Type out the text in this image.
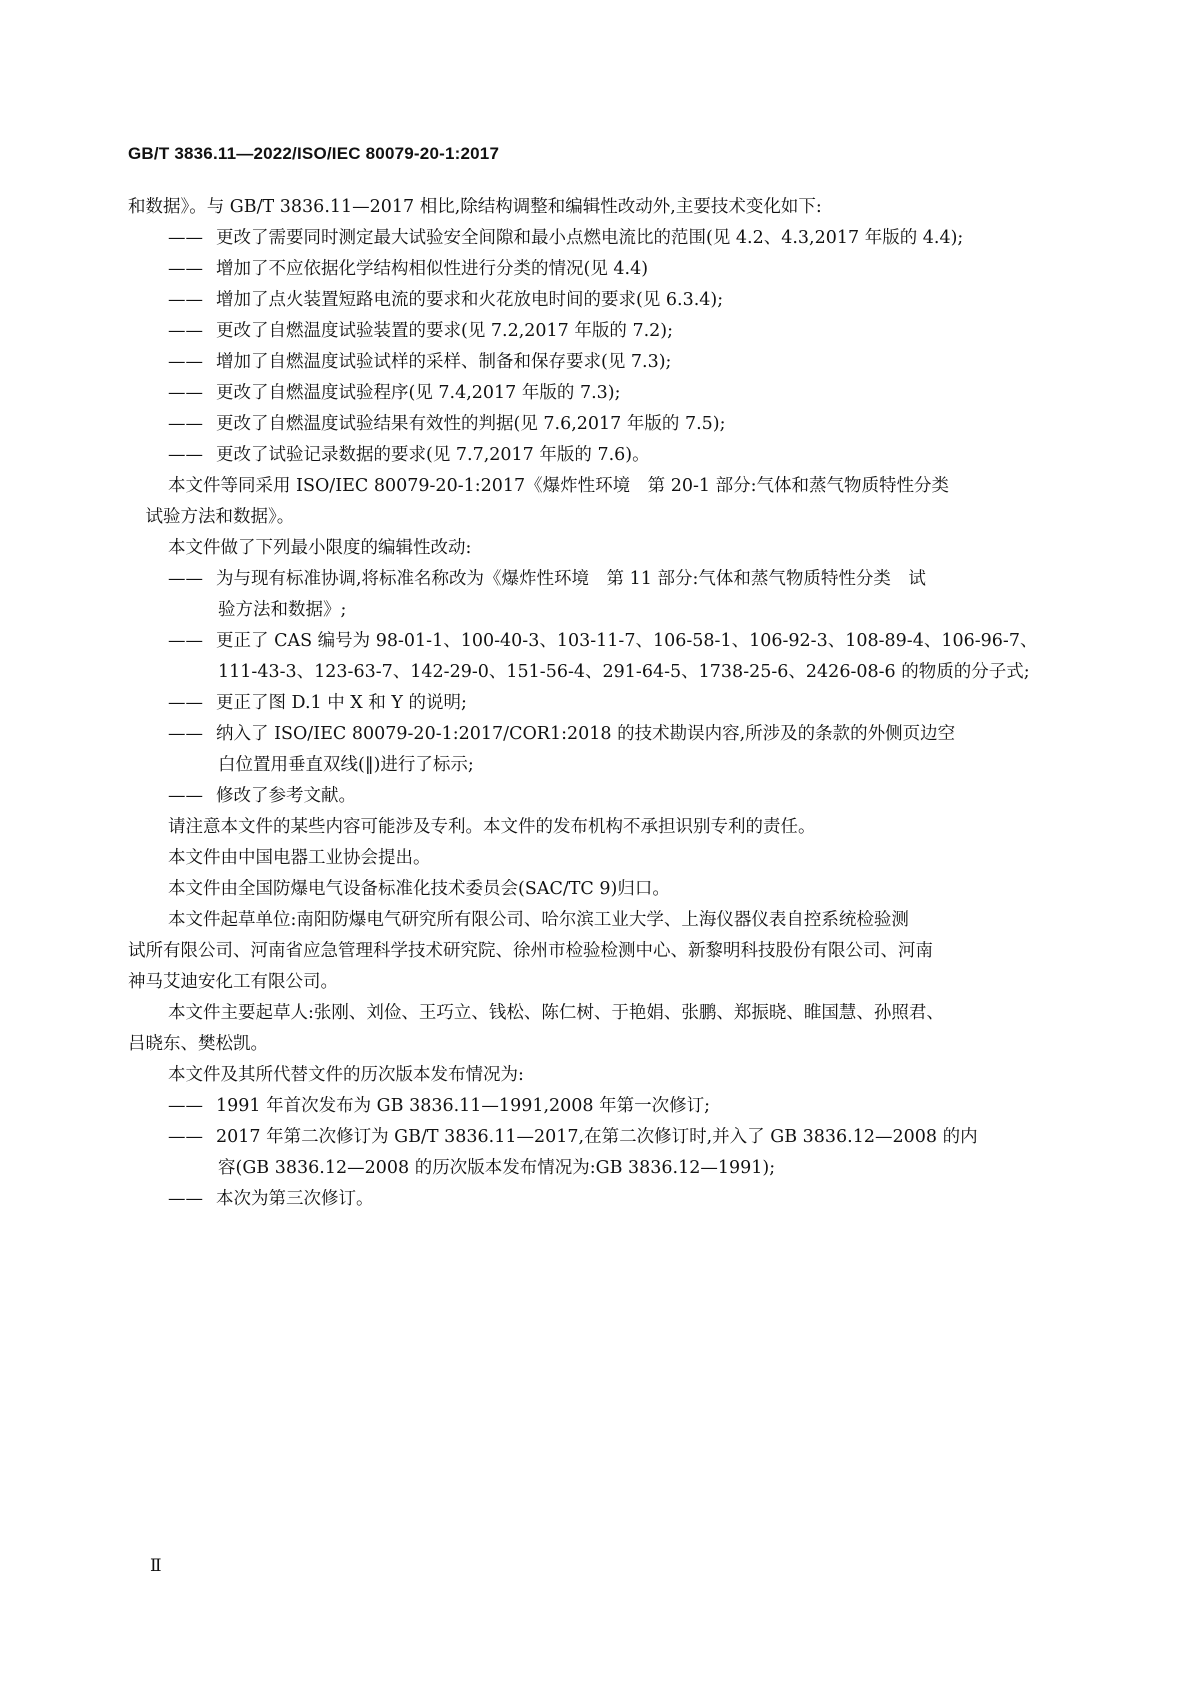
GB/T 3836.11—2022/ISO/IEC 80079-20-1:2017
和数据》。与 GB/T 3836.11—2017 相比,除结构调整和编辑性改动外,主要技术变化如下:
—— 更改了需要同时测定最大试验安全间隙和最小点燃电流比的范围(见 4.2、4.3,2017 年版的 4.4);
—— 增加了不应依据化学结构相似性进行分类的情况(见 4.4)
—— 增加了点火装置短路电流的要求和火花放电时间的要求(见 6.3.4);
—— 更改了自燃温度试验装置的要求(见 7.2,2017 年版的 7.2);
—— 增加了自燃温度试验试样的采样、制备和保存要求(见 7.3);
—— 更改了自燃温度试验程序(见 7.4,2017 年版的 7.3);
—— 更改了自燃温度试验结果有效性的判据(见 7.6,2017 年版的 7.5);
—— 更改了试验记录数据的要求(见 7.7,2017 年版的 7.6)。
本文件等同采用 ISO/IEC 80079-20-1:2017《爆炸性环境　第 20-1 部分:气体和蒸气物质特性分类
　试验方法和数据》。
本文件做了下列最小限度的编辑性改动:
—— 为与现有标准协调,将标准名称改为《爆炸性环境　第 11 部分:气体和蒸气物质特性分类　试
验方法和数据》;
—— 更正了 CAS 编号为 98-01-1、100-40-3、103-11-7、106-58-1、106-92-3、108-89-4、106-96-7、
111-43-3、123-63-7、142-29-0、151-56-4、291-64-5、1738-25-6、2426-08-6 的物质的分子式;
—— 更正了图 D.1 中 X 和 Y 的说明;
—— 纳入了 ISO/IEC 80079-20-1:2017/COR1:2018 的技术勘误内容,所涉及的条款的外侧页边空
白位置用垂直双线(‖)进行了标示;
—— 修改了参考文献。
请注意本文件的某些内容可能涉及专利。本文件的发布机构不承担识别专利的责任。
本文件由中国电器工业协会提出。
本文件由全国防爆电气设备标准化技术委员会(SAC/TC 9)归口。
本文件起草单位:南阳防爆电气研究所有限公司、哈尔滨工业大学、上海仪器仪表自控系统检验测
试所有限公司、河南省应急管理科学技术研究院、徐州市检验检测中心、新黎明科技股份有限公司、河南
神马艾迪安化工有限公司。
本文件主要起草人:张刚、刘俭、王巧立、钱松、陈仁树、于艳娟、张鹏、郑振晓、睢国慧、孙照君、
吕晓东、樊松凯。
本文件及其所代替文件的历次版本发布情况为:
—— 1991 年首次发布为 GB 3836.11—1991,2008 年第一次修订;
—— 2017 年第二次修订为 GB/T 3836.11—2017,在第二次修订时,并入了 GB 3836.12—2008 的内
容(GB 3836.12—2008 的历次版本发布情况为:GB 3836.12—1991);
—— 本次为第三次修订。
Ⅱ
